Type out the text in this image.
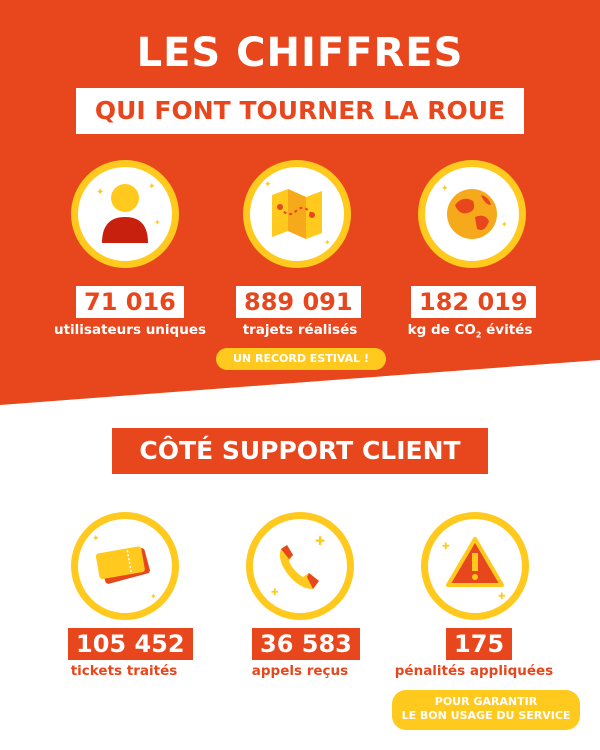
LES CHIFFRES
QUI FONT TOURNER LA ROUE
✦	✦
✦
✦
✦
✦
✦
71 016
utilisateurs uniques
889 091
trajets réalisés
182 019
kg de $CO_2$ évités
UN RECORD ESTIVAL !
CÔTÉ SUPPORT CLIENT
✦
✦
✚
✚
✚
✚
105 452
tickets traités
36 583
appels reçus
175
pénalités appliquées
POUR GARANTIR
LE BON USAGE DU SERVICE
